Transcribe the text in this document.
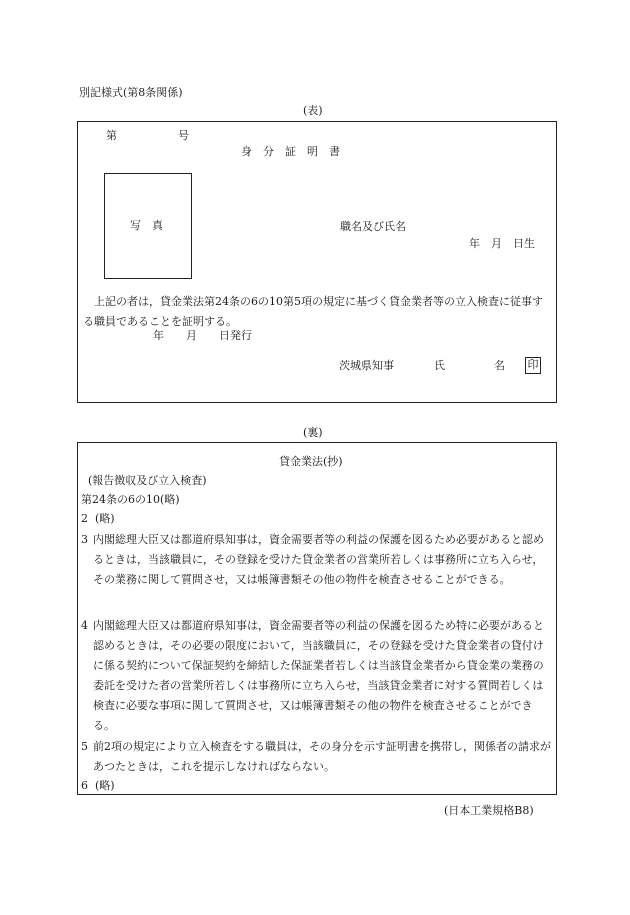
別記様式(第8条関係)
(表)
第	号
身　分　証　明　書
写　真	職名及び氏名
年　月　日生
上記の者は，貸金業法第24条の6の10第5項の規定に基づく貸金業者等の立入検査に従事する職員であることを証明する。
年　　月　　日発行
茨城県知事	氏	名 印
(裏)
貸金業法(抄)
(報告徴収及び立入検査)
第24条の6の10(略)
2 (略)
3 内閣総理大臣又は都道府県知事は，資金需要者等の利益の保護を図るため必要があると認めるときは，当該職員に，その登録を受けた貸金業者の営業所若しくは事務所に立ち入らせ，その業務に関して質問させ，又は帳簿書類その他の物件を検査させることができる。
4 内閣総理大臣又は都道府県知事は，資金需要者等の利益の保護を図るため特に必要があると認めるときは，その必要の限度において，当該職員に，その登録を受けた貸金業者の貸付けに係る契約について保証契約を締結した保証業者若しくは当該貸金業者から貸金業の業務の委託を受けた者の営業所若しくは事務所に立ち入らせ，当該貸金業者に対する質問若しくは検査に必要な事項に関して質問させ，又は帳簿書類その他の物件を検査させることができる。
5 前2項の規定により立入検査をする職員は，その身分を示す証明書を携帯し，関係者の請求があつたときは，これを提示しなければならない。
6 (略)
(日本工業規格B8)
